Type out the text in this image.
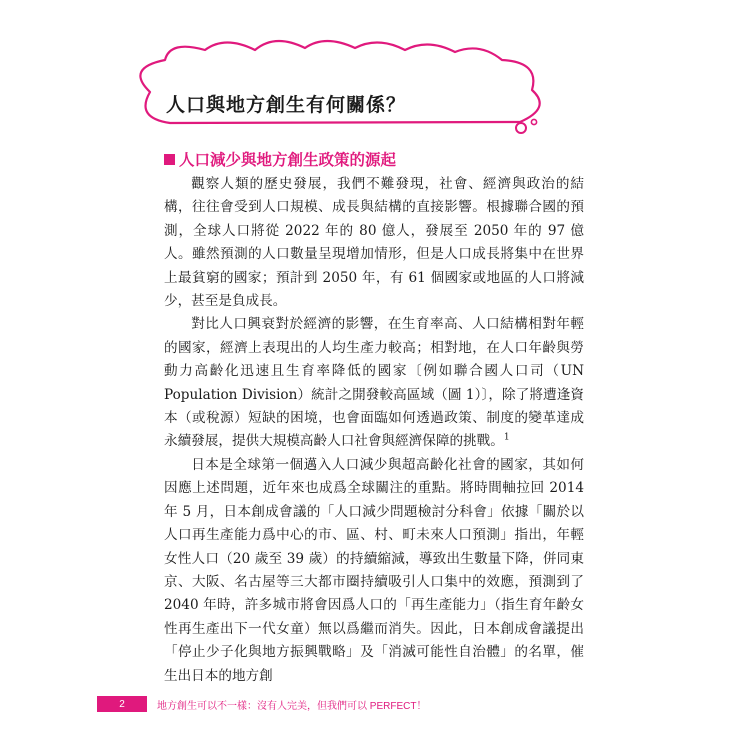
人口與地方創生有何關係？
人口減少與地方創生政策的源起

觀察人類的歷史發展，我們不難發現，社會、經濟與政治的結構，往往會受到人口規模、成長與結構的直接影響。根據聯合國的預測，全球人口將從 2022 年的 80 億人，發展至 2050 年的 97 億人。雖然預測的人口數量呈現增加情形，但是人口成長將集中在世界上最貧窮的國家；預計到 2050 年，有 61 個國家或地區的人口將減少，甚至是負成長。

對比人口興衰對於經濟的影響，在生育率高、人口結構相對年輕的國家，經濟上表現出的人均生產力較高；相對地，在人口年齡與勞動力高齡化迅速且生育率降低的國家〔例如聯合國人口司（UN Population Division）統計之開發較高區域（圖 1）〕，除了將遭逢資本（或稅源）短缺的困境，也會面臨如何透過政策、制度的變革達成永續發展，提供大規模高齡人口社會與經濟保障的挑戰。$^1$

日本是全球第一個邁入人口減少與超高齡化社會的國家，其如何因應上述問題，近年來也成爲全球關注的重點。將時間軸拉回 2014 年 5 月，日本創成會議的「人口減少問題檢討分科會」依據「關於以人口再生產能力爲中心的市、區、村、町未來人口預測」指出，年輕女性人口（20 歲至 39 歲）的持續縮減，導致出生數量下降，併同東京、大阪、名古屋等三大都市圈持續吸引人口集中的效應，預測到了 2040 年時，許多城市將會因爲人口的「再生產能力」（指生育年齡女性再生產出下一代女童）無以爲繼而消失。因此，日本創成會議提出「停止少子化與地方振興戰略」及「消滅可能性自治體」的名單，催生出日本的地方創

2	地方創生可以不一樣：沒有人完美，但我們可以 PERFECT！
